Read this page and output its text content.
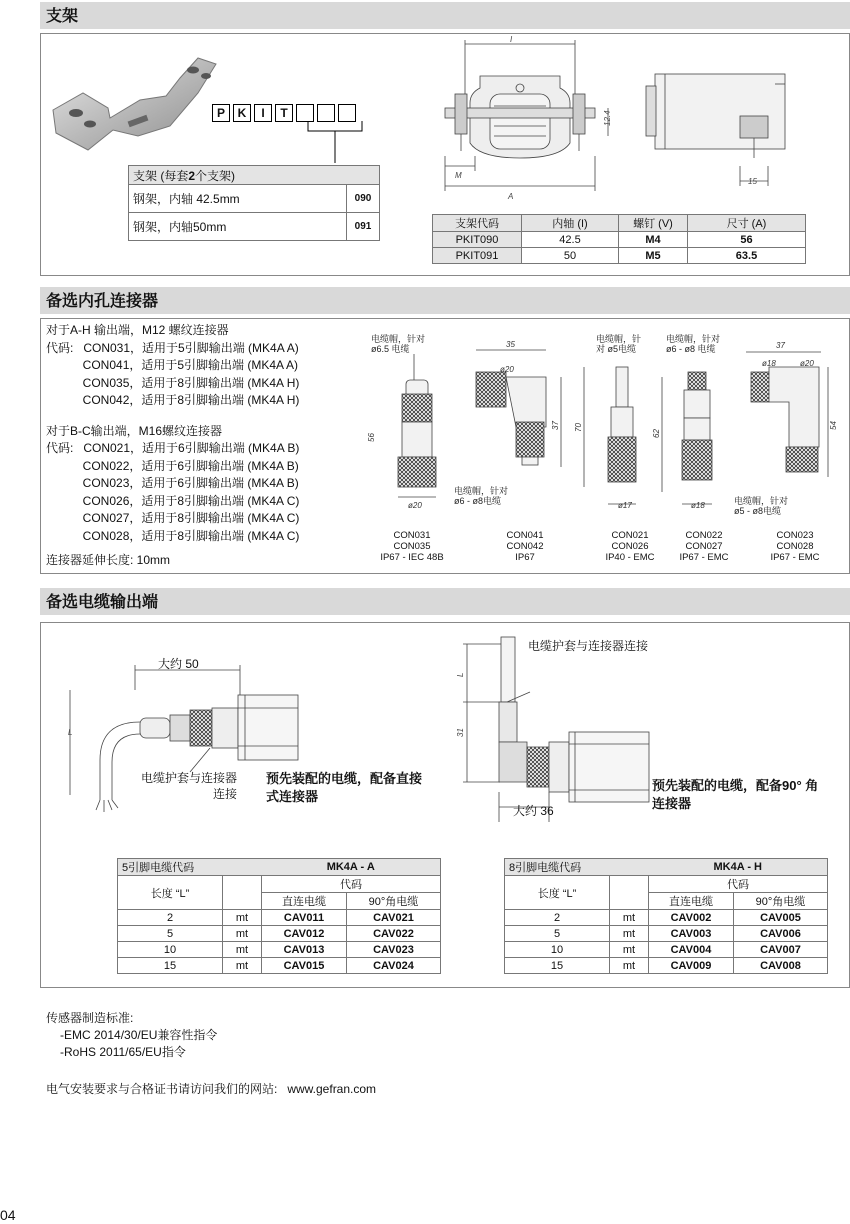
支架
P	K	I	T
支架 (每套2个支架)	
钢架，内轴 42.5mm	090
钢架，内轴50mm	091
I
12.4
M
A
15
支架代码	内轴 (I)	螺钉 (V)	尺寸 (A)
PKIT090	42.5	M4	56
PKIT091	50	M5	63.5
备选内孔连接器
对于A-H 输出端，M12 螺纹连接器
代码:   CON031，适用于5引脚输出端 (MK4A A)
CON041，适用于5引脚输出端 (MK4A A)
CON035，适用于8引脚输出端 (MK4A H)
CON042，适用于8引脚输出端 (MK4A H)
对于B-C输出端，M16螺纹连接器
代码:   CON021，适用于6引脚输出端 (MK4A B)
CON022，适用于6引脚输出端 (MK4A B)
CON023，适用于6引脚输出端 (MK4A B)
CON026，适用于8引脚输出端 (MK4A C)
CON027，适用于8引脚输出端 (MK4A C)
CON028，适用于8引脚输出端 (MK4A C)
连接器延伸长度: 10mm
电缆帽，针对
ø6.5 电缆
电缆帽，针
对 ø5电缆
电缆帽，针对
ø6 - ø8 电缆
电缆帽，针对
ø6 - ø8电缆	电缆帽，针对
ø5 - ø8电缆
35	37
56
37 70
62
54
ø20
ø20
ø20
ø17	ø18
ø18
CON031
CON035
IP67 - IEC 48B
CON041
CON042
IP67
CON021
CON026
IP40 - EMC
CON022
CON027
IP67 - EMC
CON023
CON028
IP67 - EMC
备选电缆输出端
L
大约 50
电缆护套与连接器
连接
预先装配的电缆，配备直接
式连接器
L
31
电缆护套与连接器连接
大约 36
预先装配的电缆，配备90° 角
连接器
5引脚电缆代码		MK4A - A	
长度 “L”		代码	
		直连电缆	90°角电缆
2	mt	CAV011	CAV021
5	mt	CAV012	CAV022
10	mt	CAV013	CAV023
15	mt	CAV015	CAV024
8引脚电缆代码		MK4A - H	
长度 “L”		代码	
		直连电缆	90°角电缆
2	mt	CAV002	CAV005
5	mt	CAV003	CAV006
10	mt	CAV004	CAV007
15	mt	CAV009	CAV008
传感器制造标准:
-EMC 2014/30/EU兼容性指令
-RoHS 2011/65/EU指令
电气安装要求与合格证书请访问我们的网站:   www.gefran.com
04
